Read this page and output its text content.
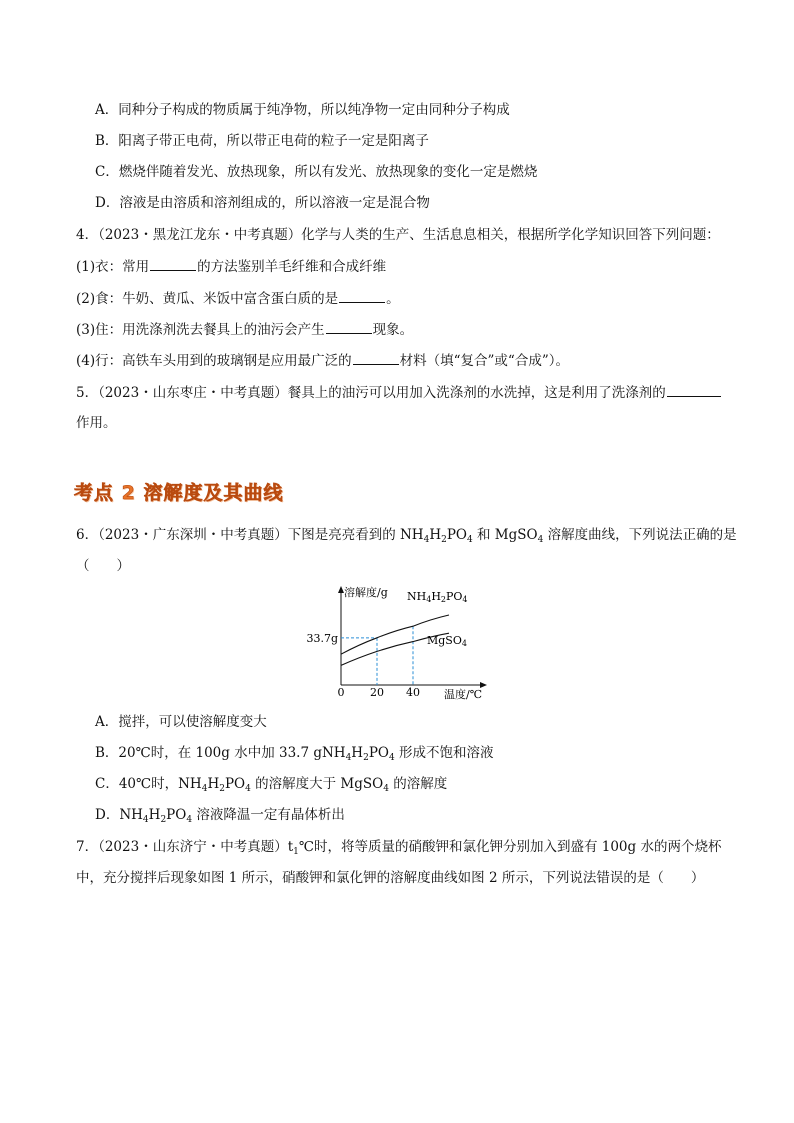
A．同种分子构成的物质属于纯净物，所以纯净物一定由同种分子构成
B．阳离子带正电荷，所以带正电荷的粒子一定是阳离子
C．燃烧伴随着发光、放热现象，所以有发光、放热现象的变化一定是燃烧
D．溶液是由溶质和溶剂组成的，所以溶液一定是混合物
4．（2023・黑龙江龙东・中考真题）化学与人类的生产、生活息息相关，根据所学化学知识回答下列问题：
(1)衣：常用	的方法鉴别羊毛纤维和合成纤维
(2)食：牛奶、黄瓜、米饭中富含蛋白质的是	。
(3)住：用洗涤剂洗去餐具上的油污会产生	现象。
(4)行：高铁车头用到的玻璃钢是应用最广泛的	材料（填“复合”或“合成”）。
5．（2023・山东枣庄・中考真题）餐具上的油污可以用加入洗涤剂的水洗掉，这是利用了洗涤剂的
作用。
考点 2 溶解度及其曲线
6．（2023・广东深圳・中考真题）下图是亮亮看到的 $NH_4H_2PO_4$ 和 MgSO$_4$ 溶解度曲线，下列说法正确的是
（　　）
溶解度/g
温度/℃
0 20 40
33.7g
NH4H2PO4
MgSO4
A．搅拌，可以使溶解度变大
B．20℃时，在 100g 水中加 33.7 $gNH_4H_2PO_4$ 形成不饱和溶液
C．40℃时，$NH_4H_2PO_4$ 的溶解度大于 MgSO$_4$ 的溶解度
D．$NH_4H_2PO_4$ 溶液降温一定有晶体析出
7．（2023・山东济宁・中考真题）$t_1℃$时，将等质量的硝酸钾和氯化钾分别加入到盛有 100g 水的两个烧杯
中，充分搅拌后现象如图 1 所示，硝酸钾和氯化钾的溶解度曲线如图 2 所示，下列说法错误的是（　　）
